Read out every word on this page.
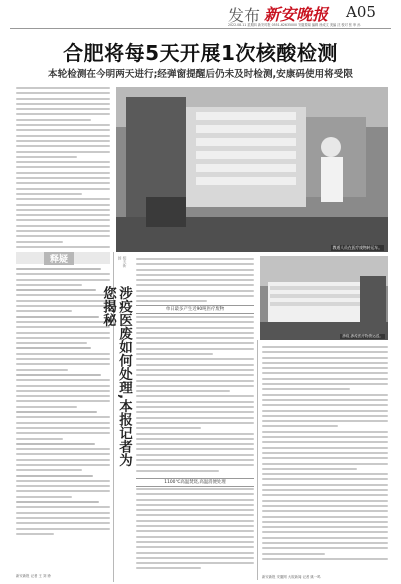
发布 新安晚报 A05
2022.08.11 星期四 新安时报 0551-62635000 安徽要闻 编辑 徐成文 美编 沈 校对 张 审 孙
合肥将每5天开展1次核酸检测
本轮检测在今明两天进行;经弹窗提醒后仍未及时检测,安康码使用将受限
教道人员在医疗废物转运车。
释疑
新安新报 记者 王 刘 徐
相关新闻
涉疫医废如何处理,本报记者为您揭秘
涉疫,涉疫医疗物资运送。
单日最多产生近90吨医疗废物
1100℃高温焚烧,高温消便处理
新安新报 安徽网 大皖新闻 记者 姚一鸣
